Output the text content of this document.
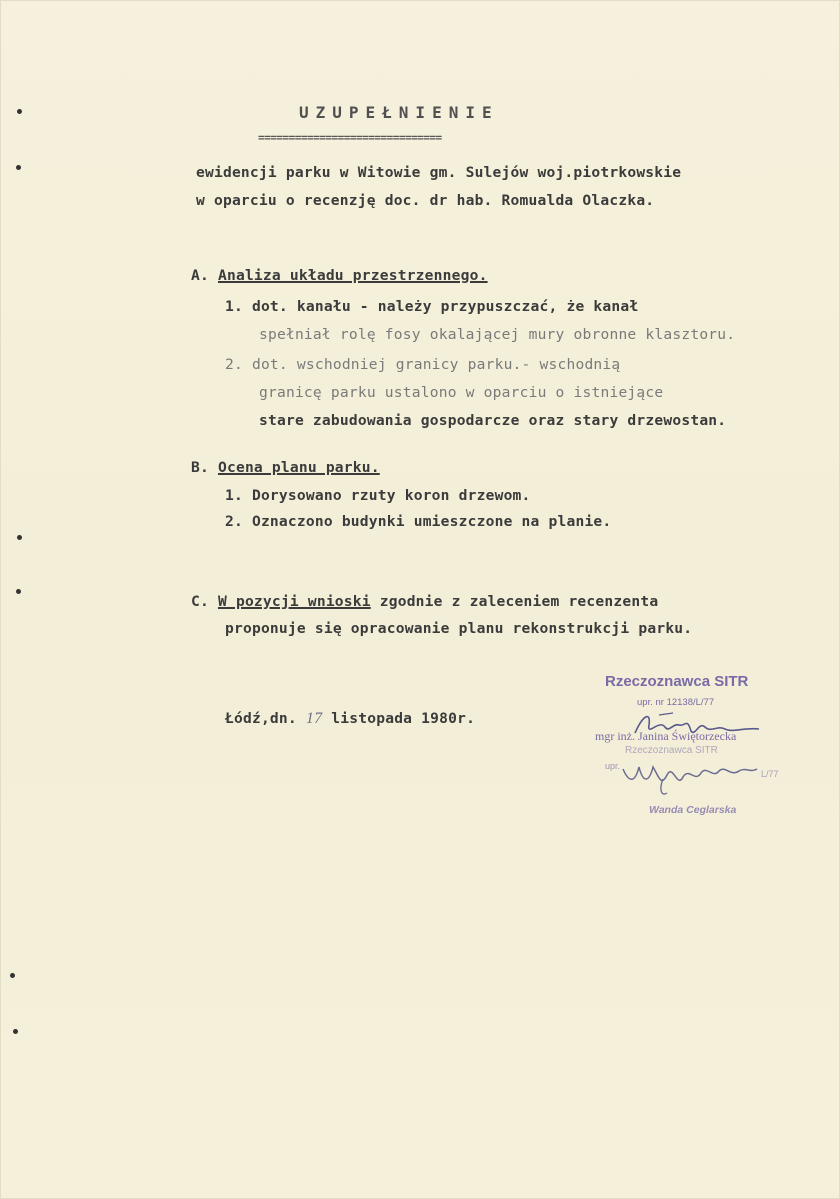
UZUPEŁNIENIE
==============================
ewidencji parku w Witowie gm. Sulejów woj.piotrkowskie
w oparciu o recenzję doc. dr hab. Romualda Olaczka.
A. Analiza układu przestrzennego.
1. dot. kanału - należy przypuszczać, że kanał
spełniał rolę fosy okalającej mury obronne klasztoru.
2. dot. wschodniej granicy parku.- wschodnią
granicę parku ustalono w oparciu o istniejące
stare zabudowania gospodarcze oraz stary drzewostan.
B. Ocena planu parku.
1. Dorysowano rzuty koron drzewom.
2. Oznaczono budynki umieszczone na planie.
C. W pozycji wnioski zgodnie z zaleceniem recenzenta
proponuje się opracowanie planu rekonstrukcji parku.
Łódź,dn. 17 listopada 1980r.
Rzeczoznawca SITR
upr. nr 12138/L/77
mgr inż. Janina Świętorzecka
Rzeczoznawca SITR
upr.
L/77
Wanda Ceglarska
